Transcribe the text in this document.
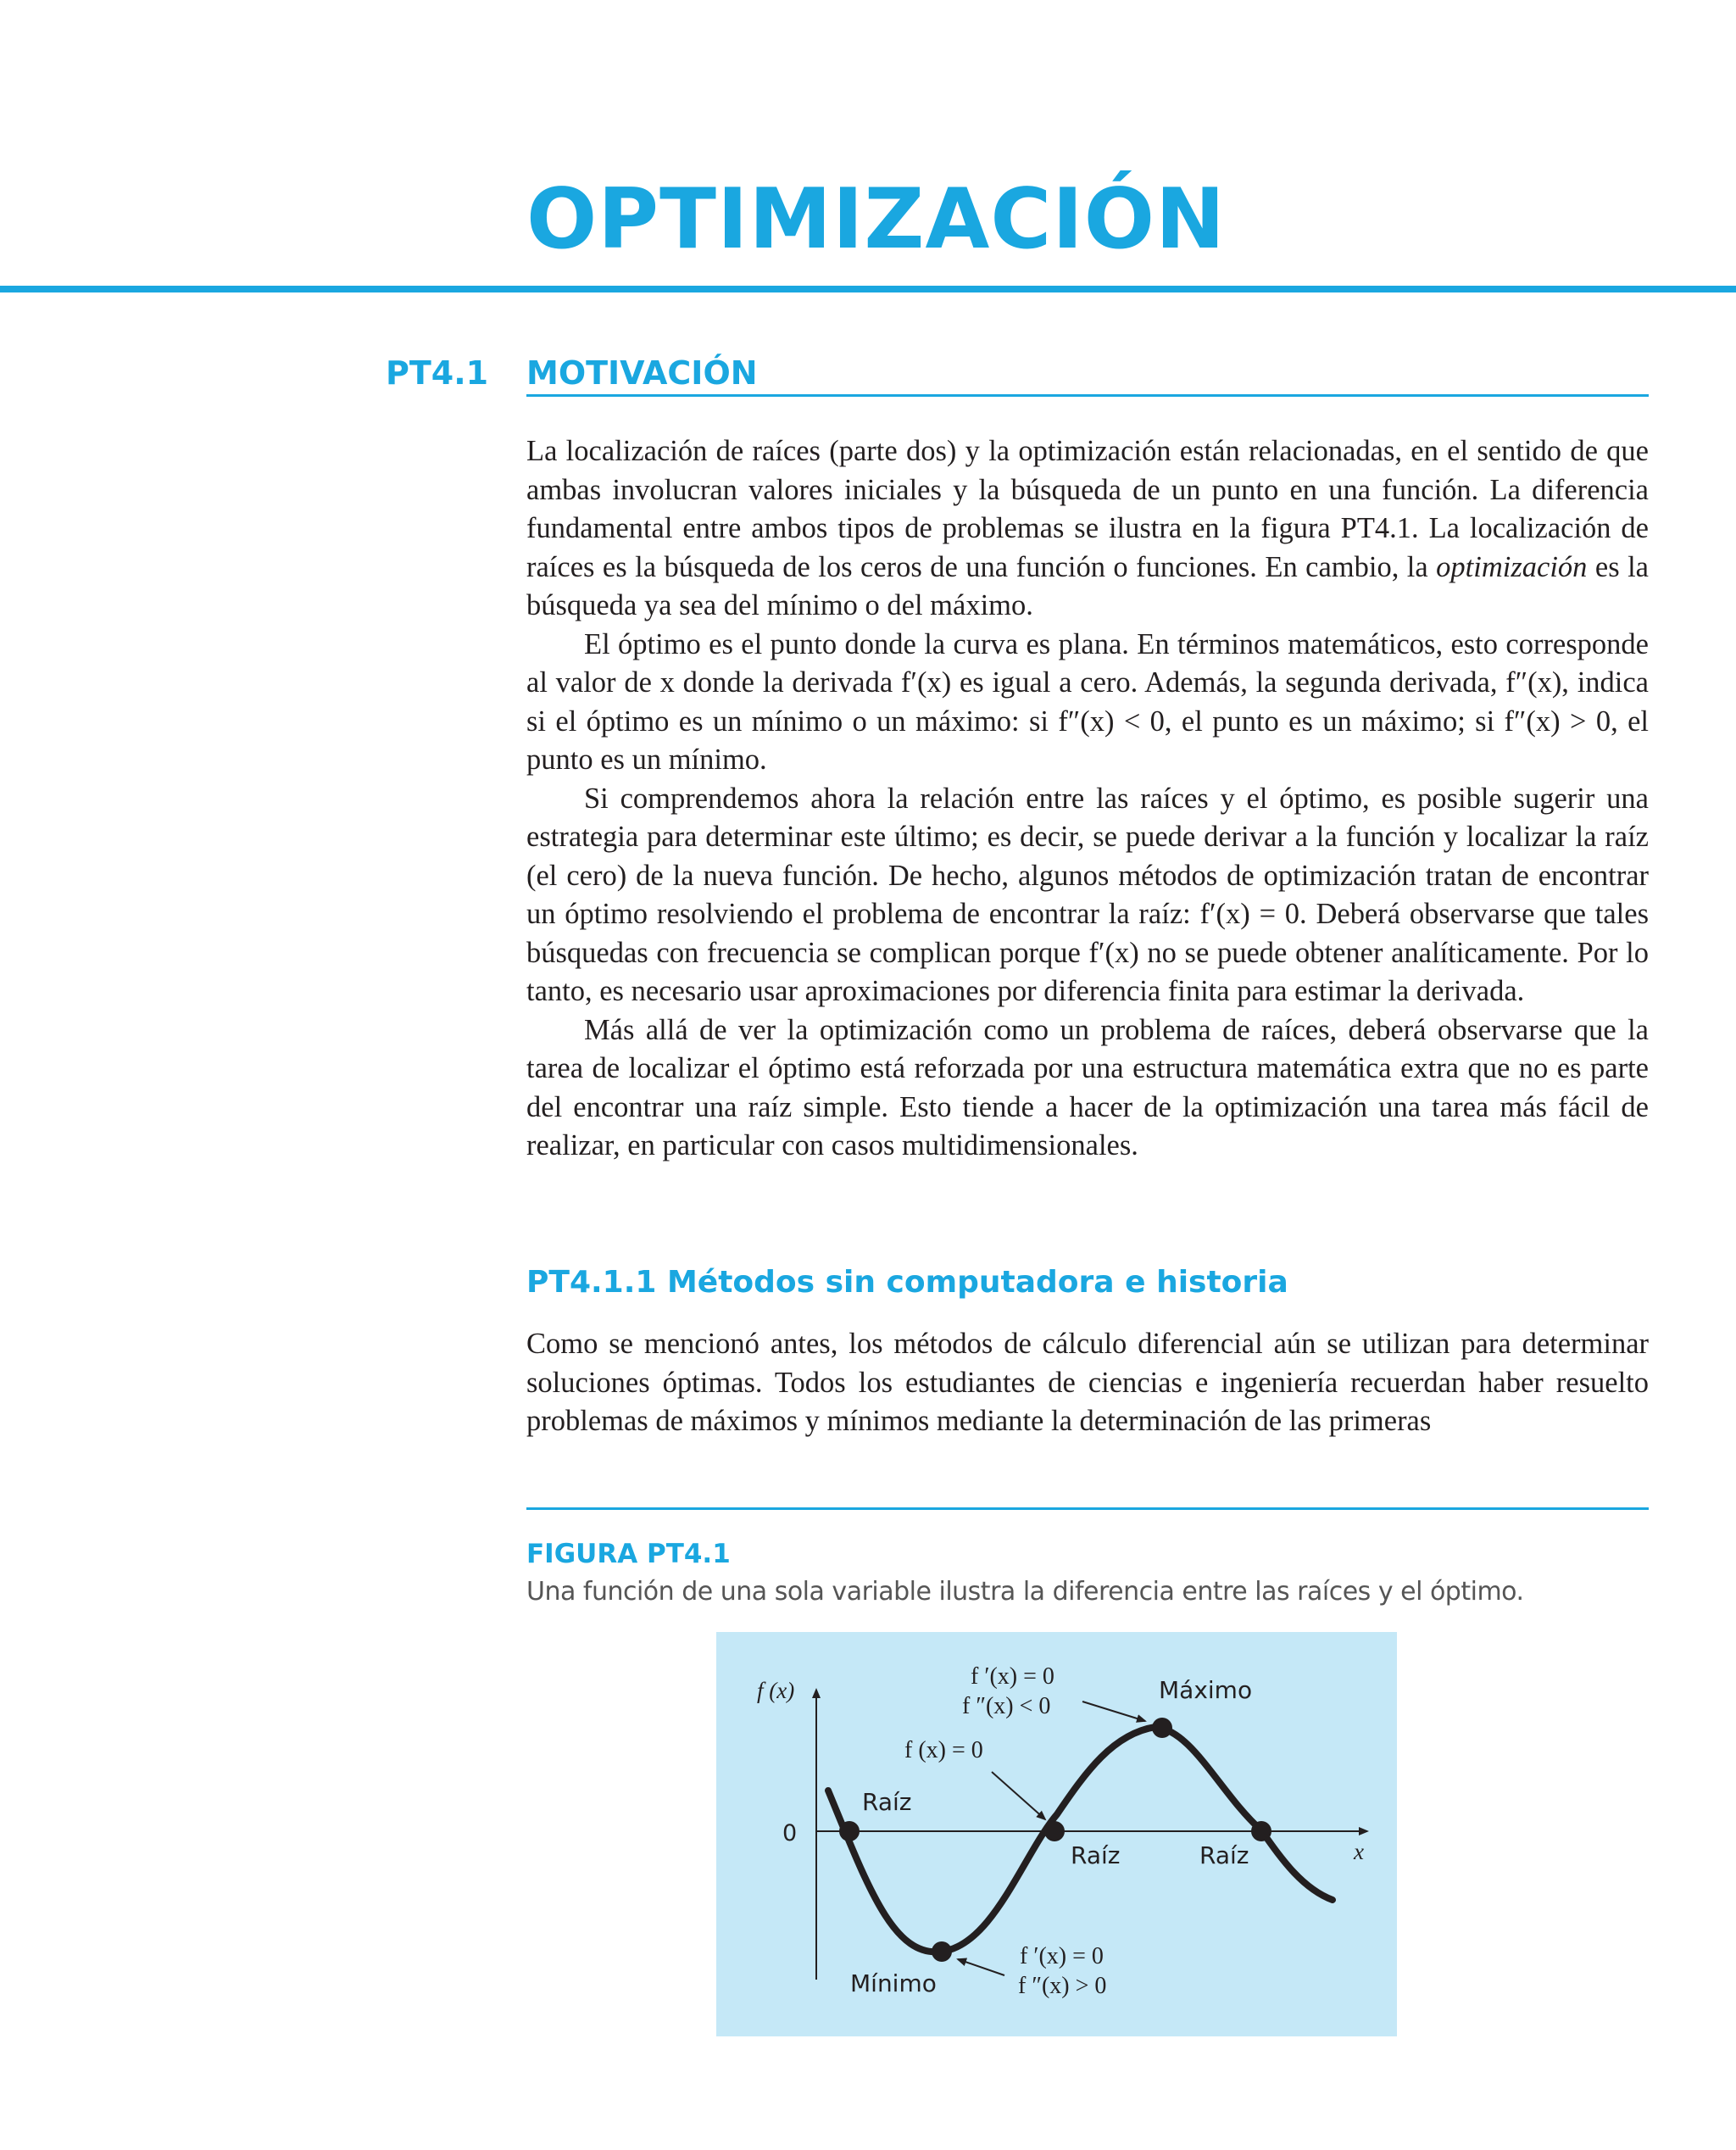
OPTIMIZACIÓN
PT4.1 MOTIVACIÓN

La localización de raíces (parte dos) y la optimización están relacionadas, en el sentido de que ambas involucran valores iniciales y la búsqueda de un punto en una función. La diferencia fundamental entre ambos tipos de problemas se ilustra en la figura PT4.1. La localización de raíces es la búsqueda de los ceros de una función o funciones. En cambio, la optimización es la búsqueda ya sea del mínimo o del máximo.

El óptimo es el punto donde la curva es plana. En términos matemáticos, esto corresponde al valor de x donde la derivada f′(x) es igual a cero. Además, la segunda derivada, f″(x), indica si el óptimo es un mínimo o un máximo: si f″(x) < 0, el punto es un máximo; si f″(x) > 0, el punto es un mínimo.

Si comprendemos ahora la relación entre las raíces y el óptimo, es posible sugerir una estrategia para determinar este último; es decir, se puede derivar a la función y localizar la raíz (el cero) de la nueva función. De hecho, algunos métodos de optimización tratan de encontrar un óptimo resolviendo el problema de encontrar la raíz: f′(x) = 0. Deberá observarse que tales búsquedas con frecuencia se complican porque f′(x) no se puede obtener analíticamente. Por lo tanto, es necesario usar aproximaciones por diferencia finita para estimar la derivada.

Más allá de ver la optimización como un problema de raíces, deberá observarse que la tarea de localizar el óptimo está reforzada por una estructura matemática extra que no es parte del encontrar una raíz simple. Esto tiende a hacer de la optimización una tarea más fácil de realizar, en particular con casos multidimensionales.

PT4.1.1 Métodos sin computadora e historia

Como se mencionó antes, los métodos de cálculo diferencial aún se utilizan para determinar soluciones óptimas. Todos los estudiantes de ciencias e ingeniería recuerdan haber resuelto problemas de máximos y mínimos mediante la determinación de las primeras

FIGURA PT4.1
Una función de una sola variable ilustra la diferencia entre las raíces y el óptimo.
f (x)
x
0
Raíz
Raíz	Raíz
Máximo
Mínimo
f ′(x) = 0
f ″(x) < 0
f (x) = 0
f ′(x) = 0
f ″(x) > 0
